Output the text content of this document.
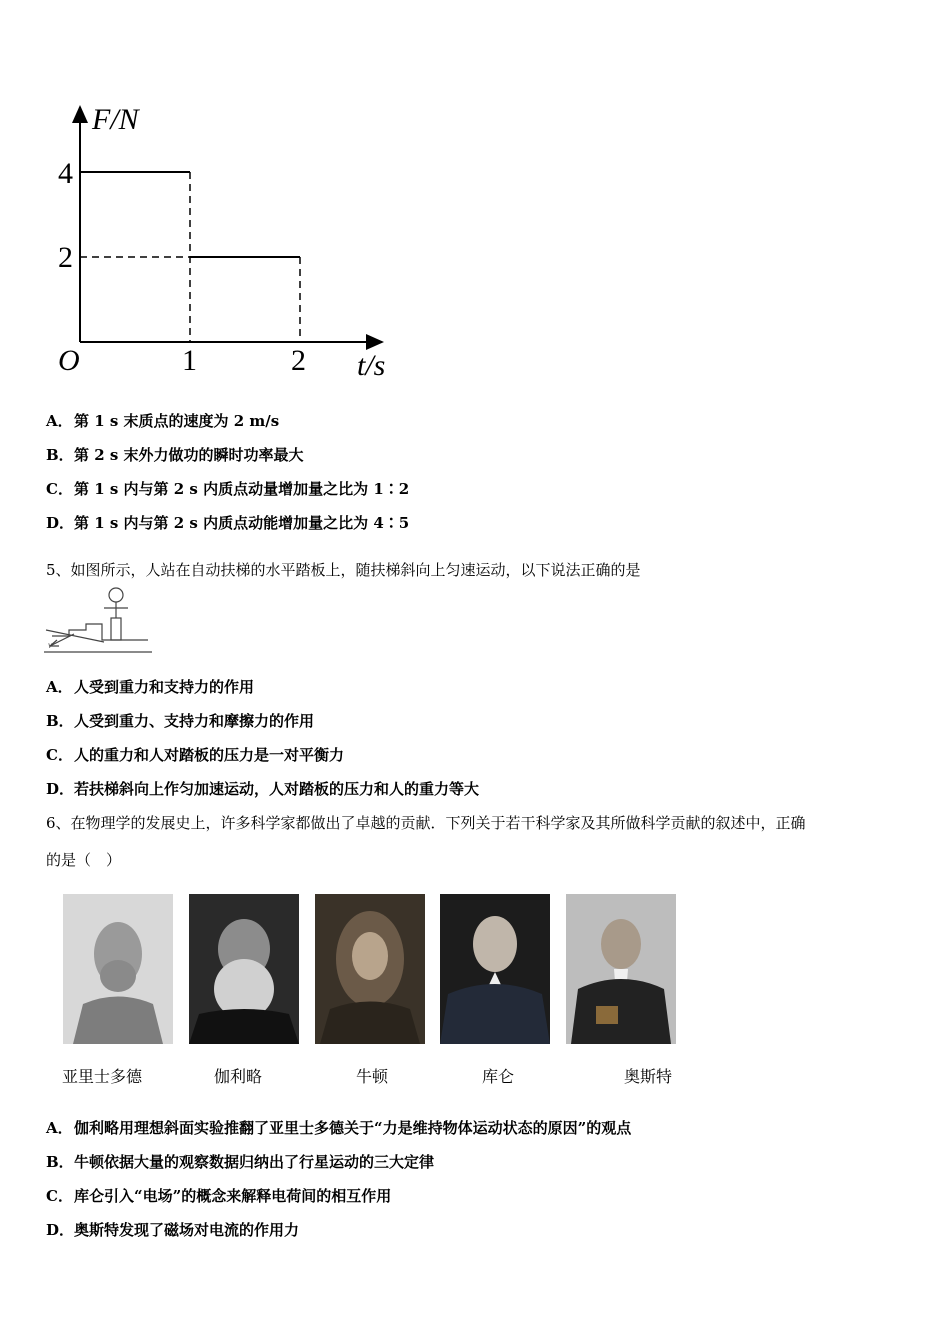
F/N
t/s
O
4
2
1	2
A．第 1 s 末质点的速度为 2 m/s
B．第 2 s 末外力做功的瞬时功率最大
C．第 1 s 内与第 2 s 内质点动量增加量之比为 1∶2
D．第 1 s 内与第 2 s 内质点动能增加量之比为 4∶5
5、如图所示，人站在自动扶梯的水平踏板上，随扶梯斜向上匀速运动，以下说法正确的是
v
A．人受到重力和支持力的作用
B．人受到重力、支持力和摩擦力的作用
C．人的重力和人对踏板的压力是一对平衡力
D．若扶梯斜向上作匀加速运动，人对踏板的压力和人的重力等大
6、在物理学的发展史上，许多科学家都做出了卓越的贡献．下列关于若干科学家及其所做科学贡献的叙述中，正确
的是（　）
亚里士多德	伽利略	牛顿	库仑	奥斯特
A．伽利略用理想斜面实验推翻了亚里士多德关于“力是维持物体运动状态的原因”的观点
B．牛顿依据大量的观察数据归纳出了行星运动的三大定律
C．库仑引入“电场”的概念来解释电荷间的相互作用
D．奥斯特发现了磁场对电流的作用力
